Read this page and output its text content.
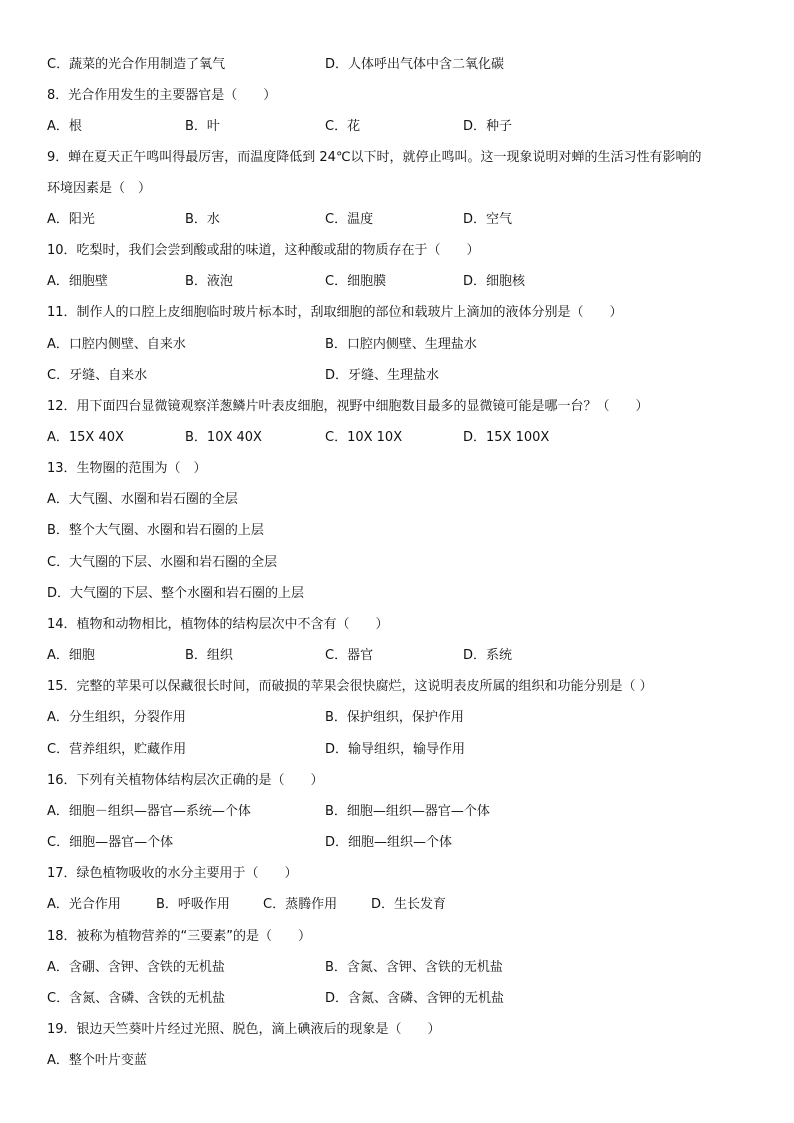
C．蔬菜的光合作用制造了氧气	D．人体呼出气体中含二氧化碳
8．光合作用发生的主要器官是（　　）
A．根	B．叶	C．花	D．种子
9．蝉在夏天正午鸣叫得最厉害，而温度降低到 24℃以下时，就停止鸣叫。这一现象说明对蝉的生活习性有影响的
环境因素是（　）
A．阳光	B．水	C．温度	D．空气
10．吃梨时，我们会尝到酸或甜的味道，这种酸或甜的物质存在于（　　）
A．细胞壁	B．液泡	C．细胞膜	D．细胞核
11．制作人的口腔上皮细胞临时玻片标本时，刮取细胞的部位和载玻片上滴加的液体分别是（　　）
A．口腔内侧壁、自来水	B．口腔内侧壁、生理盐水
C．牙缝、自来水	D．牙缝、生理盐水
12．用下面四台显微镜观察洋葱鳞片叶表皮细胞，视野中细胞数目最多的显微镜可能是哪一台？（　　）
A．15X 40X	B．10X 40X	C．10X 10X	D．15X 100X
13．生物圈的范围为（　）
A．大气圈、水圈和岩石圈的全层
B．整个大气圈、水圈和岩石圈的上层
C．大气圈的下层、水圈和岩石圈的全层
D．大气圈的下层、整个水圈和岩石圈的上层
14．植物和动物相比，植物体的结构层次中不含有（　　）
A．细胞	B．组织	C．器官	D．系统
15．完整的苹果可以保藏很长时间，而破损的苹果会很快腐烂，这说明表皮所属的组织和功能分别是（ ）
A．分生组织，分裂作用	B．保护组织，保护作用
C．营养组织，贮藏作用	D．输导组织，输导作用
16．下列有关植物体结构层次正确的是（　　）
A．细胞－组织—器官—系统—个体	B．细胞—组织—器官—个体
C．细胞—器官—个体	D．细胞—组织—个体
17．绿色植物吸收的水分主要用于（　　）
A．光合作用	B．呼吸作用	C．蒸腾作用	D．生长发育
18．被称为植物营养的“三要素”的是（　　）
A．含硼、含钾、含铁的无机盐	B．含氮、含钾、含铁的无机盐
C．含氮、含磷、含铁的无机盐	D．含氮、含磷、含钾的无机盐
19．银边天竺葵叶片经过光照、脱色，滴上碘液后的现象是（　　）
A．整个叶片变蓝
